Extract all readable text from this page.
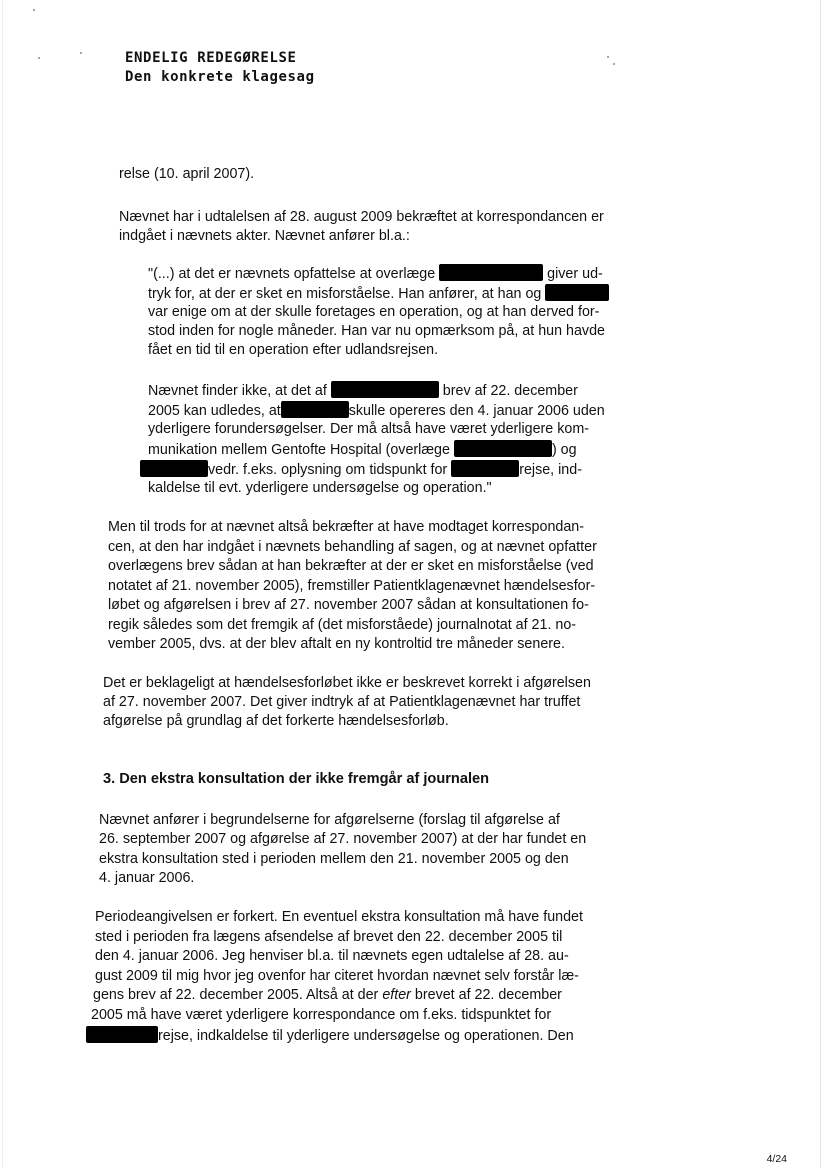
ENDELIG REDEGØRELSE
Den konkrete klagesag
relse (10. april 2007).
Nævnet har i udtalelsen af 28. august 2009 bekræftet at korrespondancen er
indgået i nævnets akter. Nævnet anfører bl.a.:
"(...) at det er nævnets opfattelse at overlæge	giver ud-
tryk for, at der er sket en misforståelse. Han anfører, at han og
var enige om at der skulle foretages en operation, og at han derved for-
stod inden for nogle måneder. Han var nu opmærksom på, at hun havde
fået en tid til en operation efter udlandsrejsen.
Nævnet finder ikke, at det af	brev af 22. december
2005 kan udledes, at	skulle opereres den 4. januar 2006 uden
yderligere forundersøgelser. Der må altså have været yderligere kom-
munikation mellem Gentofte Hospital (overlæge	) og
vedr. f.eks. oplysning om tidspunkt for	rejse, ind-
kaldelse til evt. yderligere undersøgelse og operation."
Men til trods for at nævnet altså bekræfter at have modtaget korrespondan-
cen, at den har indgået i nævnets behandling af sagen, og at nævnet opfatter
overlægens brev sådan at han bekræfter at der er sket en misforståelse (ved
notatet af 21. november 2005), fremstiller Patientklagenævnet hændelsesfor-
løbet og afgørelsen i brev af 27. november 2007 sådan at konsultationen fo-
regik således som det fremgik af (det misforståede) journalnotat af 21. no-
vember 2005, dvs. at der blev aftalt en ny kontroltid tre måneder senere.
Det er beklageligt at hændelsesforløbet ikke er beskrevet korrekt i afgørelsen
af 27. november 2007. Det giver indtryk af at Patientklagenævnet har truffet
afgørelse på grundlag af det forkerte hændelsesforløb.
3. Den ekstra konsultation der ikke fremgår af journalen
Nævnet anfører i begrundelserne for afgørelserne (forslag til afgørelse af
26. september 2007 og afgørelse af 27. november 2007) at der har fundet en
ekstra konsultation sted i perioden mellem den 21. november 2005 og den
4. januar 2006.
Periodeangivelsen er forkert. En eventuel ekstra konsultation må have fundet
sted i perioden fra lægens afsendelse af brevet den 22. december 2005 til
den 4. januar 2006. Jeg henviser bl.a. til nævnets egen udtalelse af 28. au-
gust 2009 til mig hvor jeg ovenfor har citeret hvordan nævnet selv forstår læ-
gens brev af 22. december 2005. Altså at der efter brevet af 22. december
2005 må have været yderligere korrespondance om f.eks. tidspunktet for
rejse, indkaldelse til yderligere undersøgelse og operationen. Den
4/24
